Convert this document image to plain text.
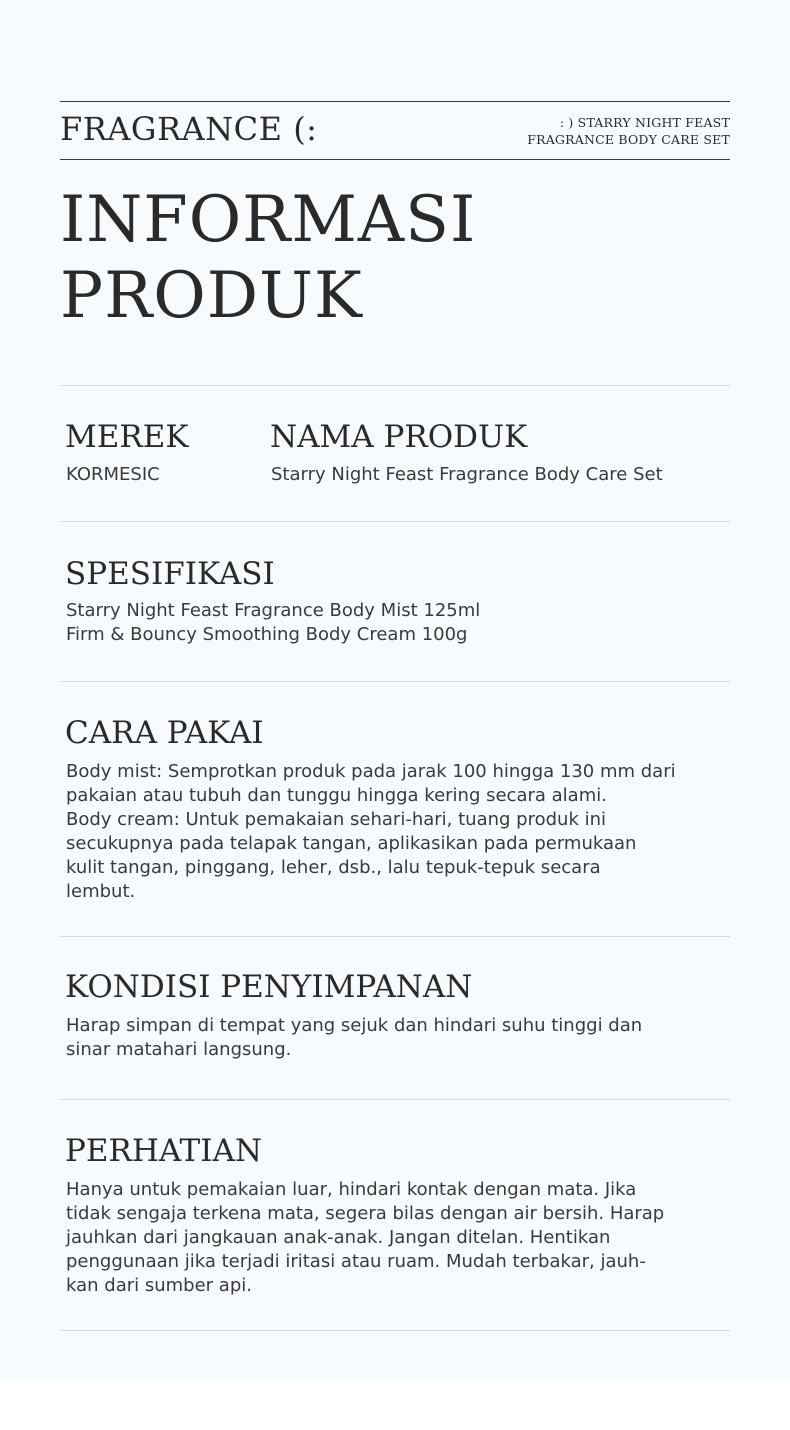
FRAGRANCE (:	: ) STARRY NIGHT FEAST
FRAGRANCE BODY CARE SET
INFORMASI
PRODUK
MEREK
KORMESIC
NAMA PRODUK
Starry Night Feast Fragrance Body Care Set
SPESIFIKASI
Starry Night Feast Fragrance Body Mist 125ml
Firm & Bouncy Smoothing Body Cream 100g
CARA PAKAI
Body mist: Semprotkan produk pada jarak 100 hingga 130 mm dari
pakaian atau tubuh dan tunggu hingga kering secara alami.
Body cream: Untuk pemakaian sehari-hari, tuang produk ini
secukupnya pada telapak tangan, aplikasikan pada permukaan
kulit tangan, pinggang, leher, dsb., lalu tepuk-tepuk secara
lembut.
KONDISI PENYIMPANAN
Harap simpan di tempat yang sejuk dan hindari suhu tinggi dan
sinar matahari langsung.
PERHATIAN
Hanya untuk pemakaian luar, hindari kontak dengan mata. Jika
tidak sengaja terkena mata, segera bilas dengan air bersih. Harap
jauhkan dari jangkauan anak-anak. Jangan ditelan. Hentikan
penggunaan jika terjadi iritasi atau ruam. Mudah terbakar, jauh-
kan dari sumber api.
